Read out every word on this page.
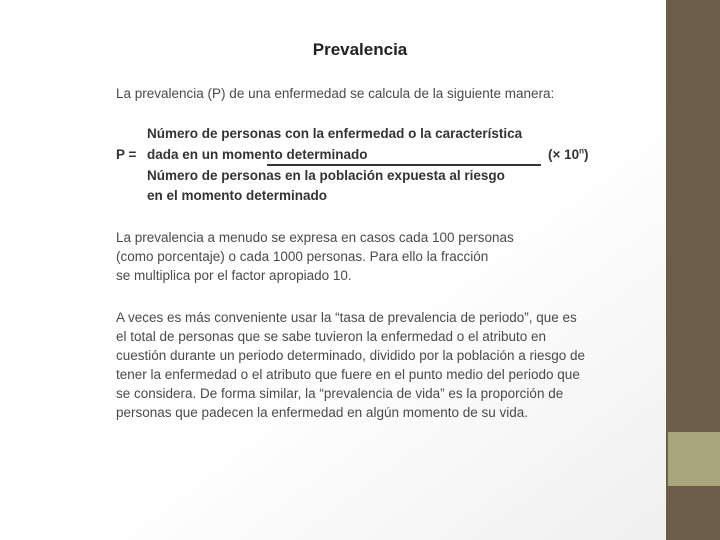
Prevalencia
La prevalencia (P) de una enfermedad se calcula de la siguiente manera:
Número de personas con la enfermedad o la característica
P = dada en un momento determinado	(× $10^n$)
Número de personas en la población expuesta al riesgo
en el momento determinado
La prevalencia a menudo se expresa en casos cada 100 personas
(como porcentaje) o cada 1000 personas. Para ello la fracción
se multiplica por el factor apropiado 10.
A veces es más conveniente usar la “tasa de prevalencia de periodo”, que es
el total de personas que se sabe tuvieron la enfermedad o el atributo en
cuestión durante un periodo determinado, dividido por la población a riesgo de
tener la enfermedad o el atributo que fuere en el punto medio del periodo que
se considera. De forma similar, la “prevalencia de vida” es la proporción de
personas que padecen la enfermedad en algún momento de su vida.
